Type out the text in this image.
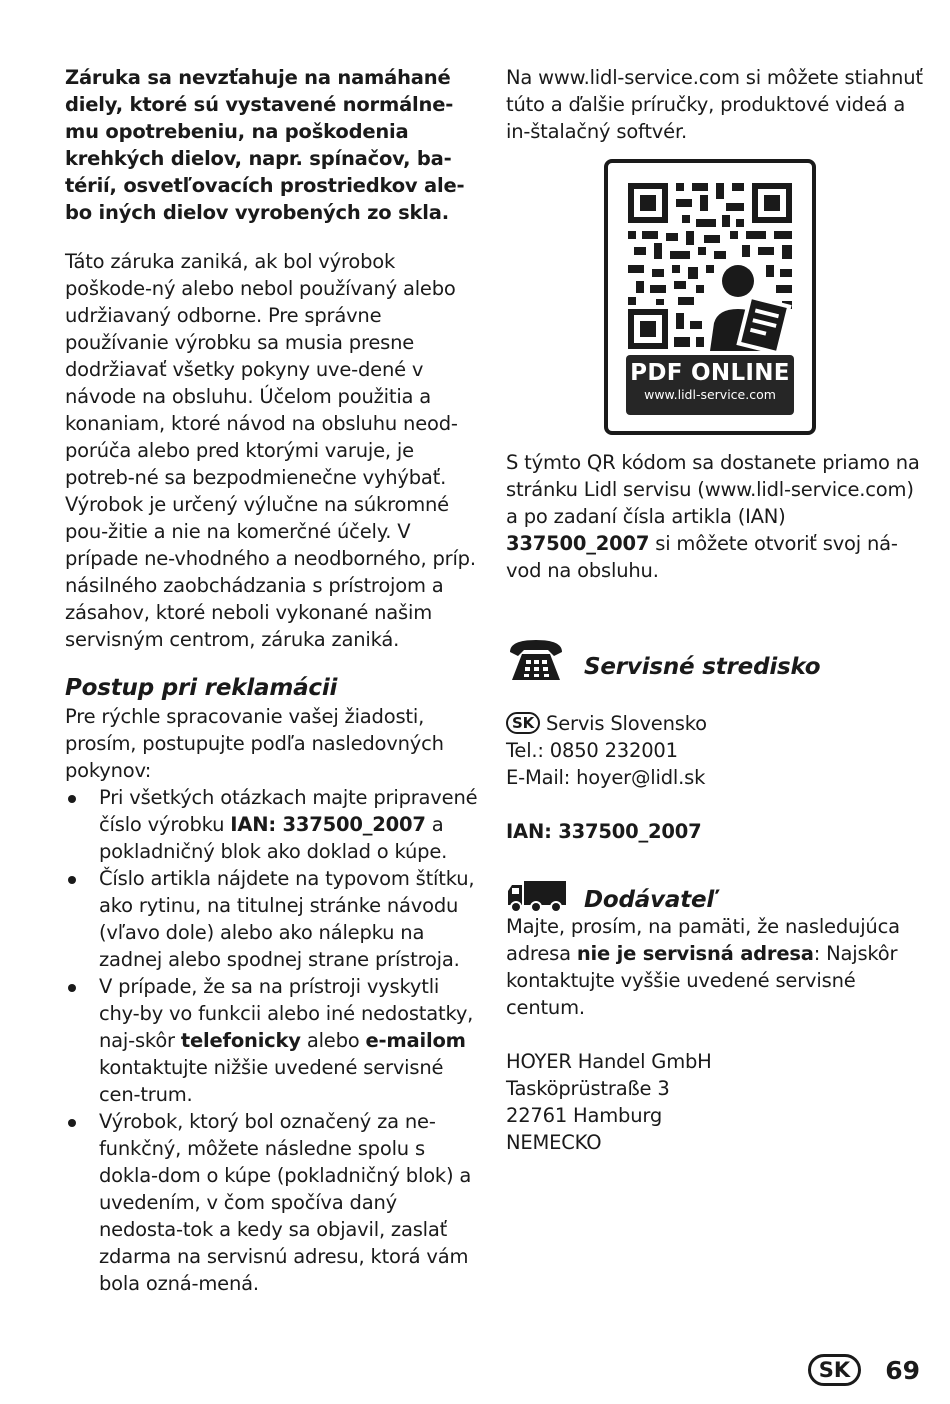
Záruka sa nevzťahuje na namáhané diely, ktoré sú vystavené normálne-mu opotrebeniu, na poškodenia krehkých dielov, napr. spínačov, ba-térií, osvetľovacích prostriedkov ale-bo iných dielov vyrobených zo skla.

Táto záruka zaniká, ak bol výrobok poškode-ný alebo nebol používaný alebo udržiavaný odborne. Pre správne používanie výrobku sa musia presne dodržiavať všetky pokyny uve-dené v návode na obsluhu. Účelom použitia a konaniam, ktoré návod na obsluhu neod-porúča alebo pred ktorými varuje, je potreb-né sa bezpodmienečne vyhýbať.

Výrobok je určený výlučne na súkromné pou-žitie a nie na komerčné účely. V prípade ne-vhodného a neodborného, príp. násilného zaobchádzania s prístrojom a zásahov, ktoré neboli vykonané našim servisným centrom, záruka zaniká.

Postup pri reklamácii

Pre rýchle spracovanie vašej žiadosti, prosím, postupujte podľa nasledovných pokynov:

Pri všetkých otázkach majte pripravené číslo výrobku IAN: 337500_2007 a pokladničný blok ako doklad o kúpe.
Číslo artikla nájdete na typovom štítku, ako rytinu, na titulnej stránke návodu (vľavo dole) alebo ako nálepku na zadnej alebo spodnej strane prístroja.
V prípade, že sa na prístroji vyskytli chy-by vo funkcii alebo iné nedostatky, naj-skôr telefonicky alebo e-mailom kontaktujte nižšie uvedené servisné cen-trum.
Výrobok, ktorý bol označený za ne-funkčný, môžete následne spolu s dokla-dom o kúpe (pokladničný blok) a uvedením, v čom spočíva daný nedosta-tok a kedy sa objavil, zaslať zdarma na servisnú adresu, ktorá vám bola ozná-mená.

Na www.lidl-service.com si môžete stiahnuť túto a ďalšie príručky, produktové videá a in-štalačný softvér.

PDF ONLINE
www.lidl-service.com

S týmto QR kódom sa dostanete priamo na stránku Lidl servisu (www.lidl-service.com) a po zadaní čísla artikla (IAN) 337500_2007 si môžete otvoriť svoj ná-vod na obsluhu.

Servisné stredisko

SK Servis Slovensko

Tel.: 0850 232001

E-Mail: hoyer@lidl.sk

IAN: 337500_2007

Dodávateľ

Majte, prosím, na pamäti, že nasledujúca adresa nie je servisná adresa: Najskôr kontaktujte vyššie uvedené servisné centum.

HOYER Handel GmbH

Tasköprüstraße 3

22761 Hamburg

NEMECKO

SK	69
